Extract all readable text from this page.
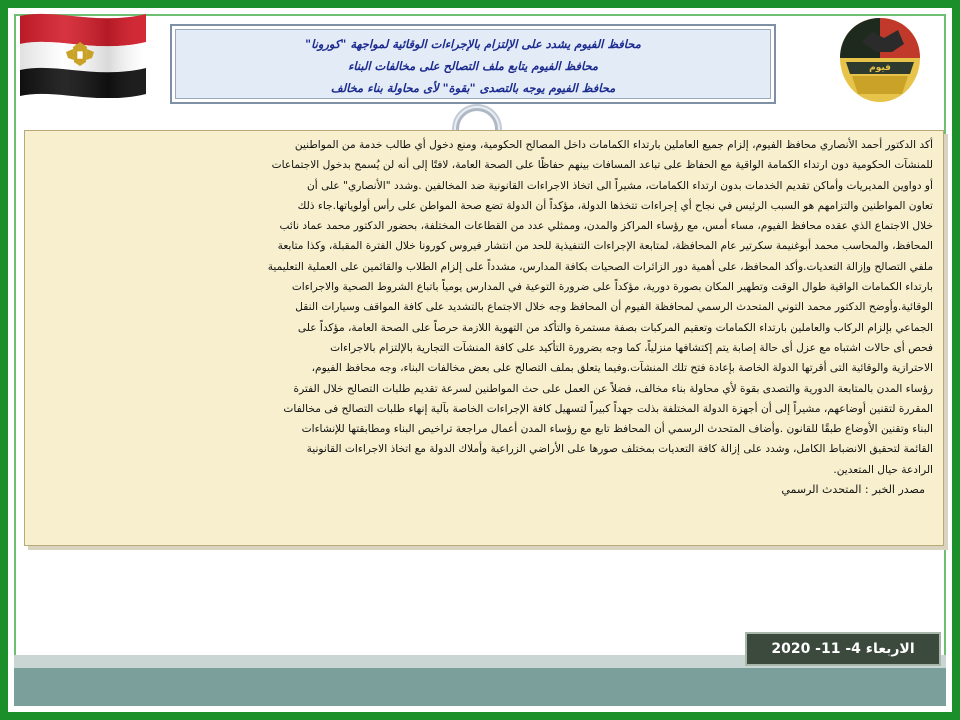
فيوم
محافظ الفيوم يشدد على الإلتزام بالإجراءات الوقائية لمواجهة "كورونا"
محافظ الفيوم يتابع ملف التصالح على مخالفات البناء
محافظ الفيوم يوجه بالتصدى "بقوة" لأى محاولة بناء مخالف
أكد الدكتور أحمد الأنصاري محافظ الفيوم، إلزام جميع العاملين بارتداء الكمامات داخل المصالح الحكومية، ومنع دخول أي طالب خدمة من المواطنين
للمنشآت الحكومية دون ارتداء الكمامة الواقية مع الحفاظ على تباعد المسافات بينهم حفاظًا على الصحة العامة، لافتًا إلى أنه لن يُسمح بدخول الاجتماعات
أو دواوين المديريات وأماكن تقديم الخدمات بدون ارتداء الكمامات، مشيراً الى اتخاذ الاجراءات القانونية ضد المخالفين .وشدد "الأنصاري" على أن
تعاون المواطنين والتزامهم هو السبب الرئيس في نجاح أي إجراءات تتخذها الدولة، مؤكداً أن الدولة تضع صحة المواطن على رأس أولوياتها.جاء ذلك
خلال الاجتماع الذي عقده محافظ الفيوم، مساء أمس، مع رؤساء المراكز والمدن، وممثلي عدد من القطاعات المختلفة، بحضور الدكتور محمد عماد نائب
المحافظ، والمحاسب محمد أبوغنيمة سكرتير عام المحافظة، لمتابعة الإجراءات التنفيذية للحد من انتشار فيروس كورونا خلال الفترة المقبلة، وكذا متابعة
ملفي التصالح وإزالة التعديات.وأكد المحافظ، على أهمية دور الزائرات الصحيات بكافة المدارس، مشدداً على إلزام الطلاب والقائمين على العملية التعليمية
بارتداء الكمامات الواقية طوال الوقت وتطهير المكان بصورة دورية، مؤكداً على ضرورة التوعية في المدارس يومياً باتباع الشروط الصحية والاجراءات
الوقائية.وأوضح الدكتور محمد التوني المتحدث الرسمي لمحافظة الفيوم أن المحافظ وجه خلال الاجتماع بالتشديد على كافة المواقف وسيارات النقل
الجماعي بإلزام الركاب والعاملين بارتداء الكمامات وتعقيم المركبات بصفة مستمرة والتأكد من التهوية اللازمة حرصاً على الصحة العامة، مؤكداً على
فحص أى حالات اشتباه مع عزل أى حالة إصابة يتم إكتشافها منزلياً، كما وجه بضرورة التأكيد على كافة المنشآت التجارية بالإلتزام بالاجراءات
الاحترازية والوقائية التى أقرتها الدولة الخاصة بإعادة فتح تلك المنشآت.وفيما يتعلق بملف التصالح على بعض مخالفات البناء، وجه محافظ الفيوم،
رؤساء المدن بالمتابعة الدورية والتصدى بقوة لأي محاولة بناء مخالف، فضلاً عن العمل على حث المواطنين لسرعة تقديم طلبات التصالح خلال الفترة
المقررة لتقنين أوضاعهم، مشيراً إلى أن أجهزة الدولة المختلفة بذلت جهداً كبيراً لتسهيل كافة الإجراءات الخاصة بآلية إنهاء طلبات التصالح فى مخالفات
البناء وتقنين الأوضاع طبقًا للقانون .وأضاف المتحدث الرسمي أن المحافظ تابع مع رؤساء المدن أعمال مراجعة تراخيص البناء ومطابقتها للإنشاءات
القائمة لتحقيق الانضباط الكامل، وشدد على إزالة كافة التعديات بمختلف صورها على الأراضي الزراعية وأملاك الدولة مع اتخاذ الاجراءات القانونية
الرادعة حيال المتعدين.
مصدر الخبر : المتحدث الرسمي
الاربعاء 4- 11- 2020
